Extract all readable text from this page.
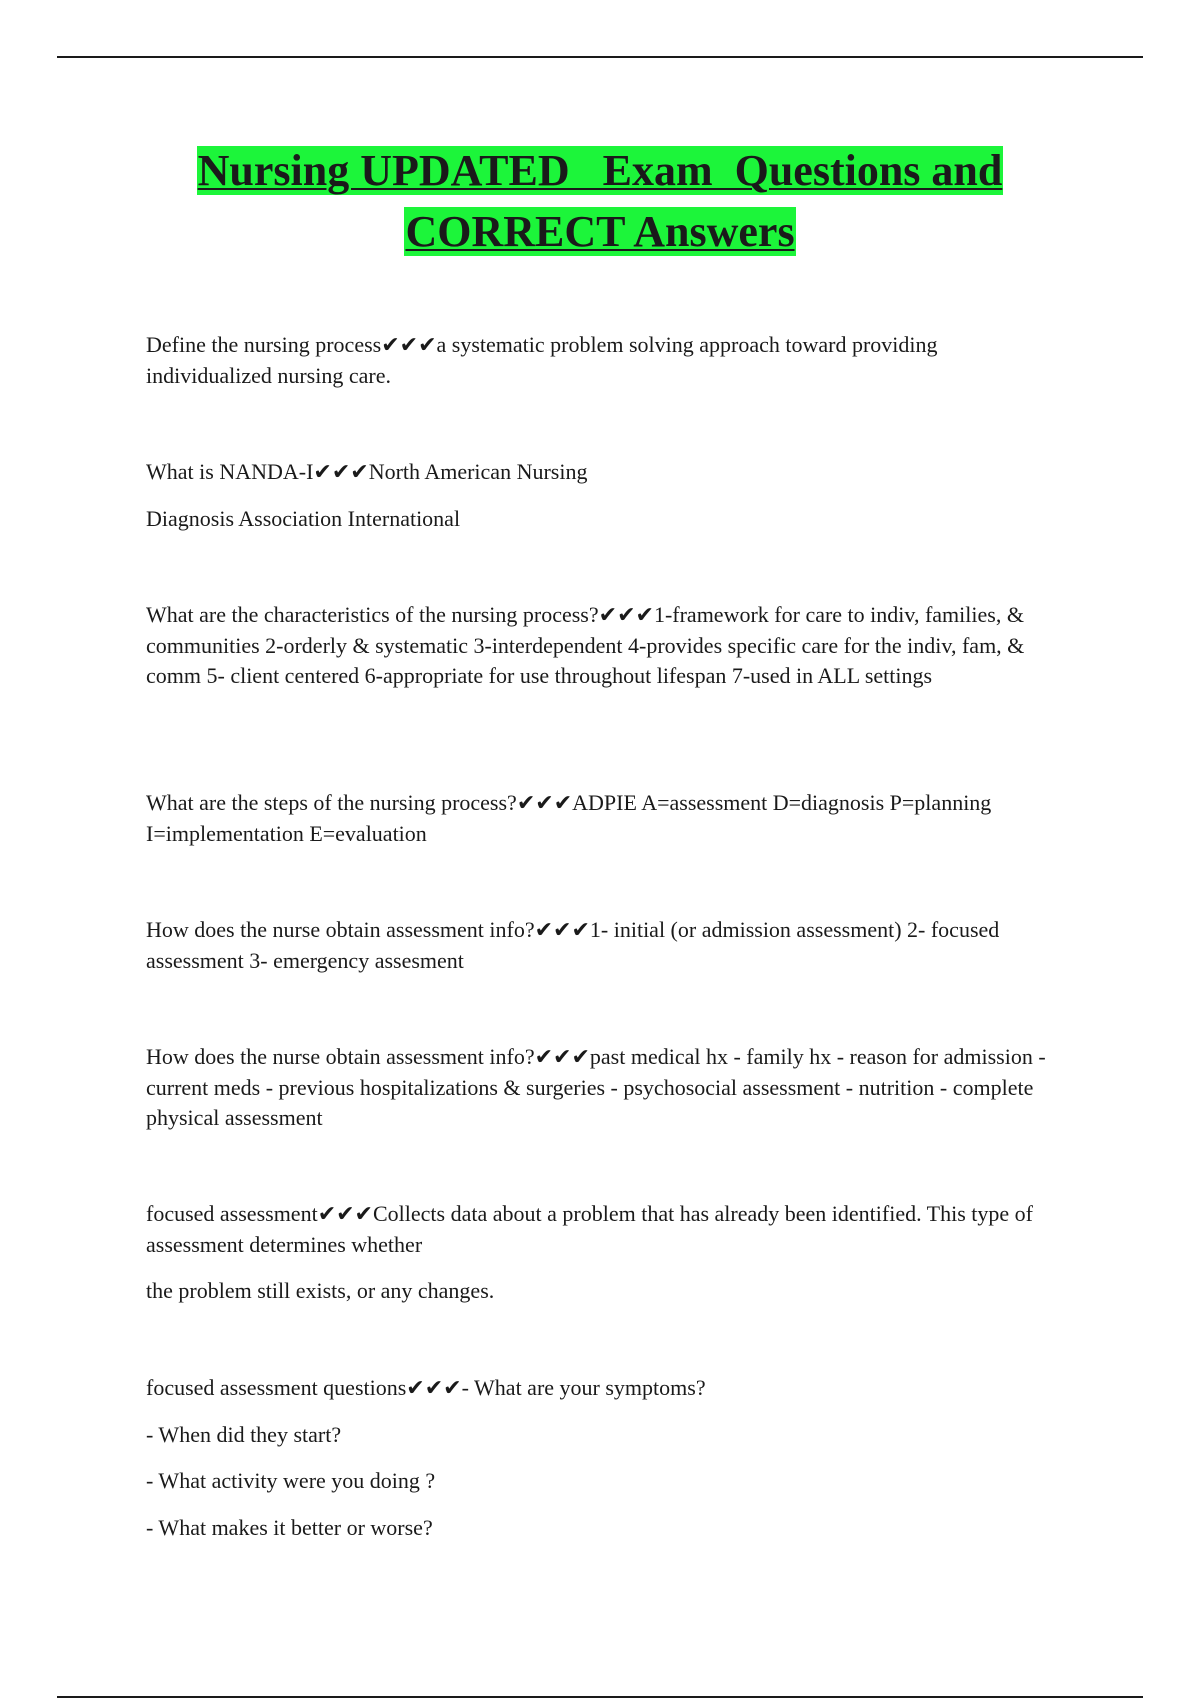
Nursing UPDATED   Exam  Questions and
CORRECT Answers

Define the nursing process✔✔✔a systematic problem solving approach toward providing individualized nursing care.

What is NANDA-I✔✔✔North American Nursing

Diagnosis Association International

What are the characteristics of the nursing process?✔✔✔1-framework for care to indiv, families, & communities 2-orderly & systematic 3-interdependent 4-provides specific care for the indiv, fam, & comm 5- client centered 6-appropriate for use throughout lifespan 7-used in ALL settings

What are the steps of the nursing process?✔✔✔ADPIE A=assessment D=diagnosis P=planning I=implementation E=evaluation

How does the nurse obtain assessment info?✔✔✔1- initial (or admission assessment) 2- focused assessment 3- emergency assesment

How does the nurse obtain assessment info?✔✔✔past medical hx - family hx - reason for admission - current meds - previous hospitalizations & surgeries - psychosocial assessment - nutrition - complete physical assessment

focused assessment✔✔✔Collects data about a problem that has already been identified. This type of assessment determines whether

the problem still exists, or any changes.

focused assessment questions✔✔✔- What are your symptoms?

- When did they start?

- What activity were you doing ?

- What makes it better or worse?
